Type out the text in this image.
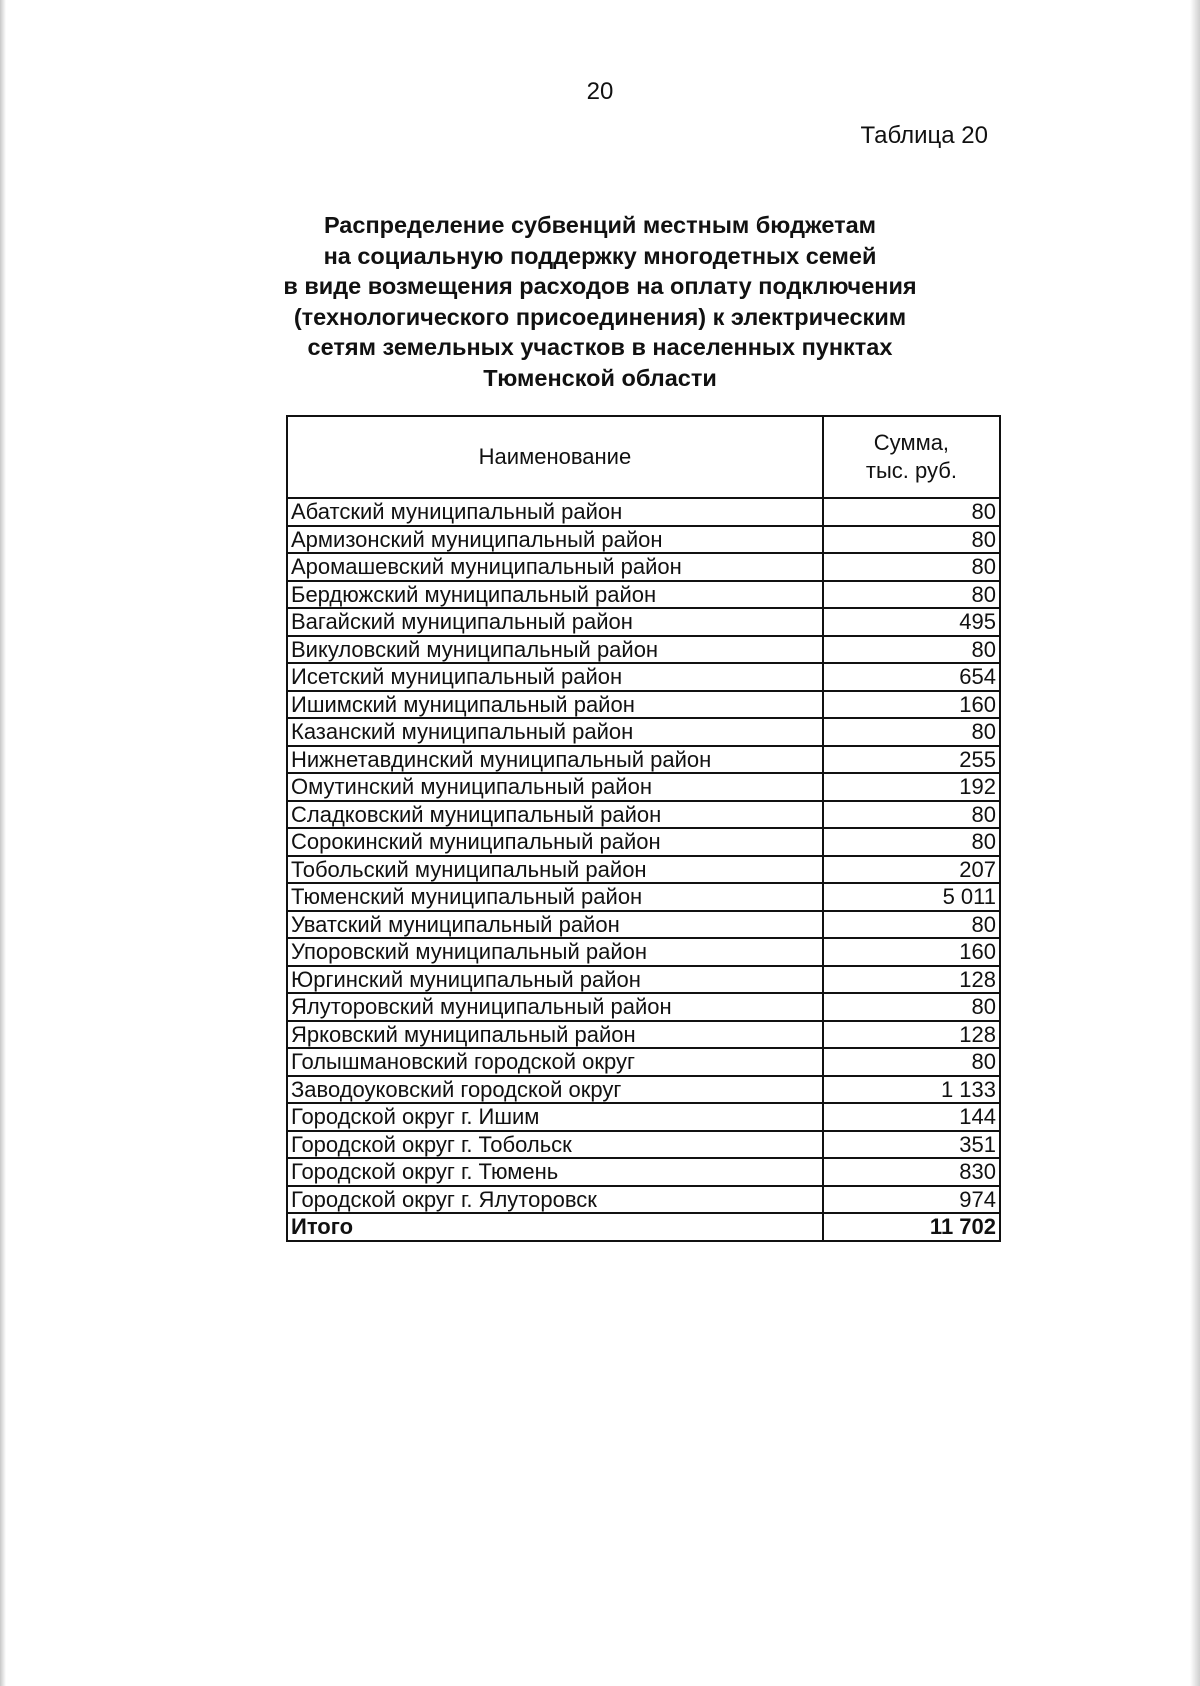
20
Таблица 20
Распределение субвенций местным бюджетам
на социальную поддержку многодетных семей
в виде возмещения расходов на оплату подключения
(технологического присоединения) к электрическим
сетям земельных участков в населенных пунктах
Тюменской области
Наименование	Сумма,
тыс. руб.
Абатский муниципальный район	80
Армизонский муниципальный район	80
Аромашевский муниципальный район	80
Бердюжский муниципальный район	80
Вагайский муниципальный район	495
Викуловский муниципальный район	80
Исетский муниципальный район	654
Ишимский муниципальный район	160
Казанский муниципальный район	80
Нижнетавдинский муниципальный район	255
Омутинский муниципальный район	192
Сладковский муниципальный район	80
Сорокинский муниципальный район	80
Тобольский муниципальный район	207
Тюменский муниципальный район	5 011
Уватский муниципальный район	80
Упоровский муниципальный район	160
Юргинский муниципальный район	128
Ялуторовский муниципальный район	80
Ярковский муниципальный район	128
Голышмановский городской округ	80
Заводоуковский городской округ	1 133
Городской округ г. Ишим	144
Городской округ г. Тобольск	351
Городской округ г. Тюмень	830
Городской округ г. Ялуторовск	974
Итого	11 702
